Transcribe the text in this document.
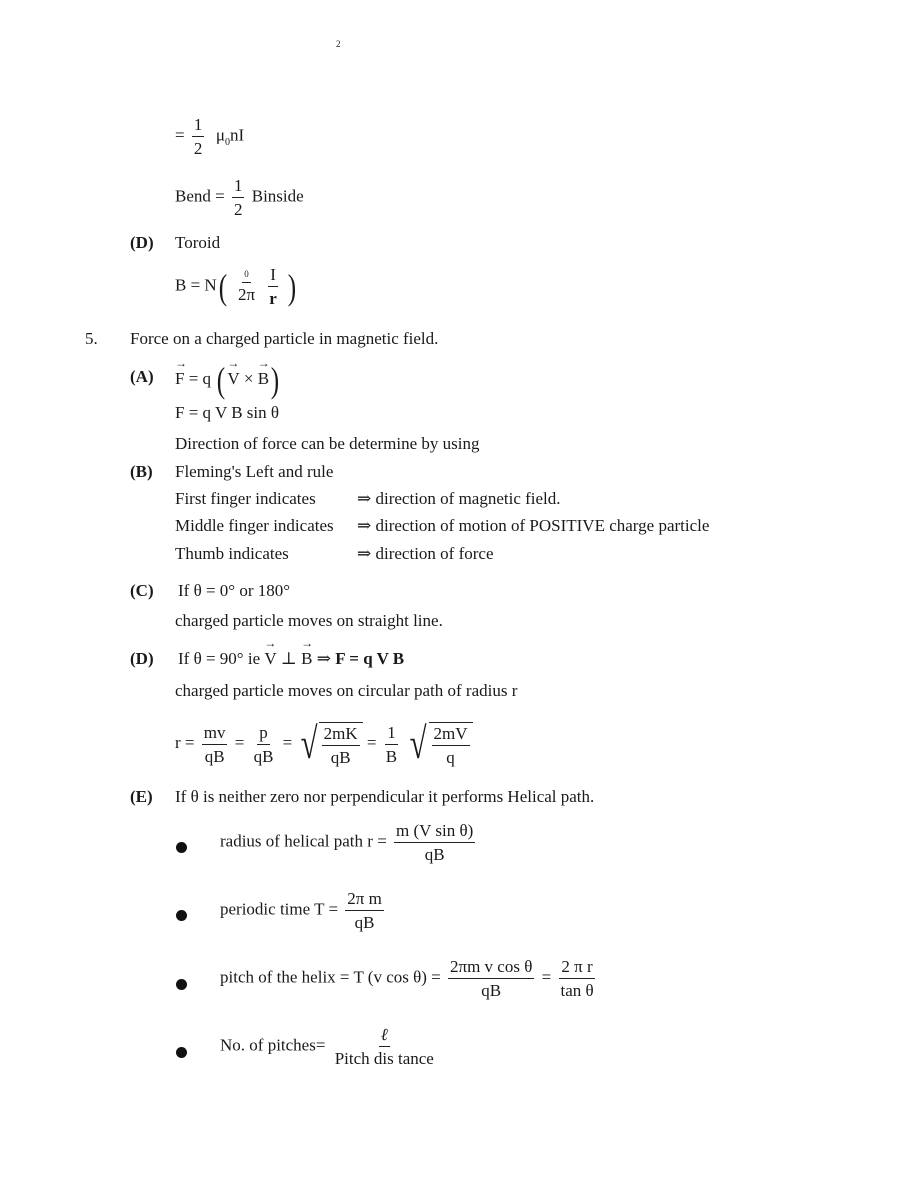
2
= $\frac{1}{2} \mu_0nI$
Bend = $\frac{1}{2}$ Binside
(D) Toroid
$B = N( \frac{0}{2\pi}$
$\frac{I}{r}$ )
5. Force on a charged particle in magnetic field.
(A) → F = q ( → V × → B)
F = q V B sin θ
Direction of force can be determine by using
(B) Fleming's Left and rule
First finger indicates ⇒ direction of magnetic field.
Middle finger indicates ⇒ direction of motion of POSITIVE charge particle
Thumb indicates	⇒ direction of force
(C) If θ = 0° or 180°
charged particle moves on straight line.
(D) If θ = 90° ie → V ⊥ → B ⇒ F = q V B
charged particle moves on circular path of radius r
$r = \frac{mv}{qB} = \frac{p}{qB}$ = √ $\frac{2mK}{qB} = \frac{1}{B}$
√ $\frac{2mV}{q}$
(E) If θ is neither zero nor perpendicular it performs Helical path.
radius of helical path $r = \frac{\text{m (V sin θ)}}{qB}$
periodic time $T = \frac{\text{2π m}}{qB}$
pitch of the helix = T (v $\cos \theta) = \frac{\text{2πm v cos θ}}{qB} = \frac{\text{2 π r}}{\text{tan θ}}$
No. of pitches= $\frac{\text{ℓ}}{\text{Pitch dis tance}}$
